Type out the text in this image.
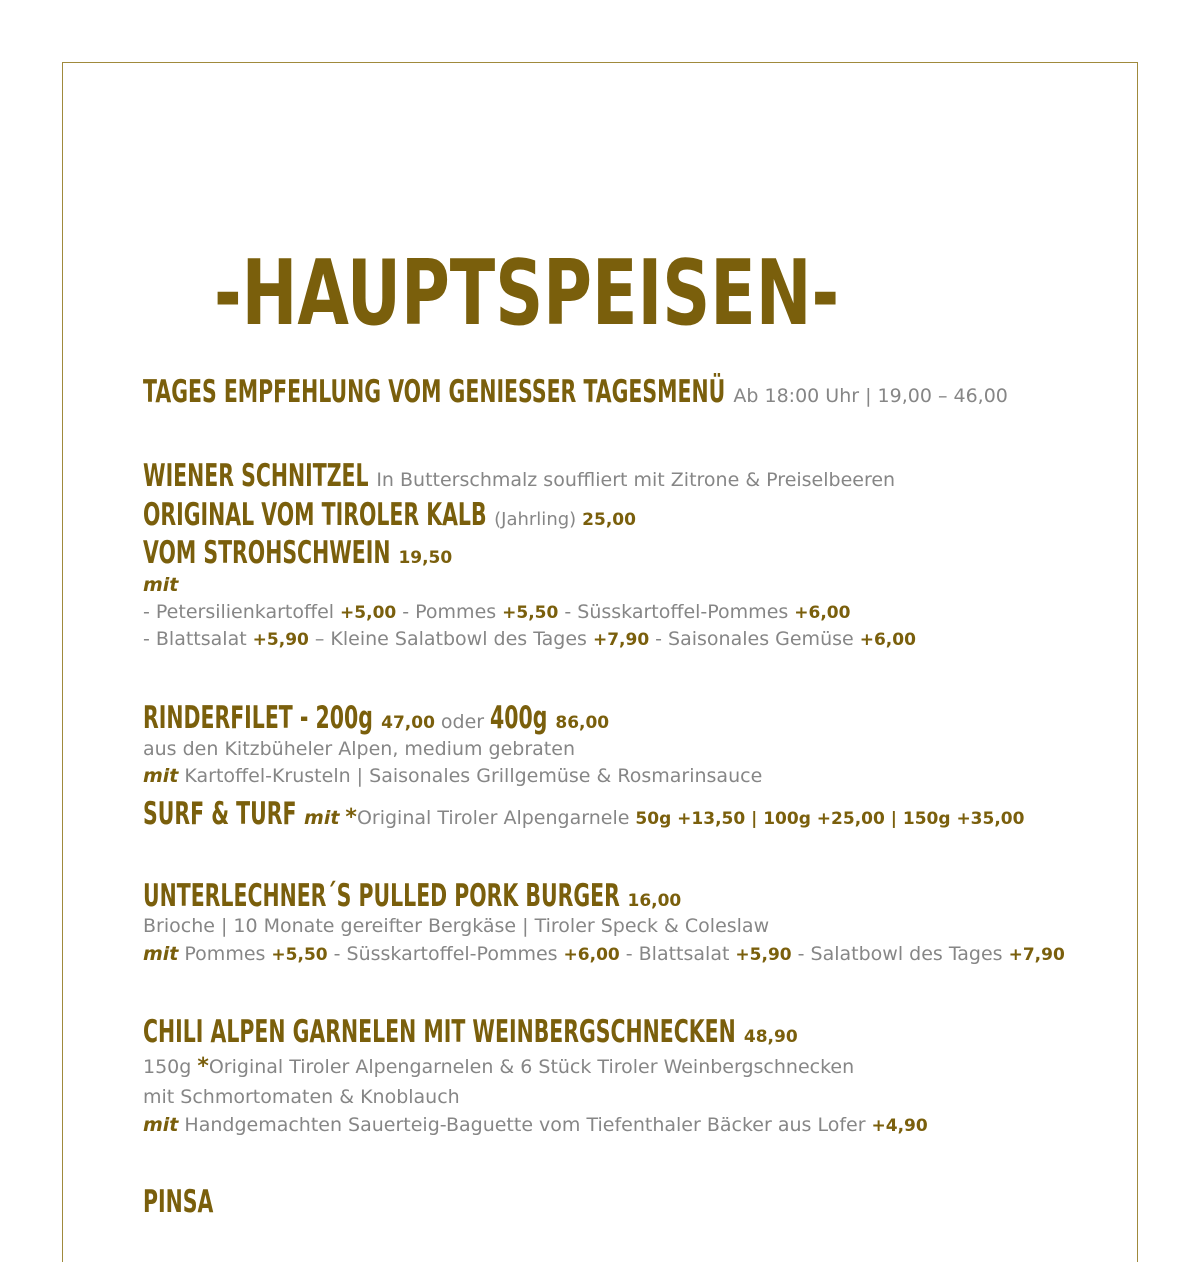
-HAUPTSPEISEN-
TAGES EMPFEHLUNG VOM GENIESSER TAGESMENÜ Ab 18:00 Uhr | 19,00 – 46,00
WIENER SCHNITZEL In Butterschmalz souffliert mit Zitrone & Preiselbeeren
ORIGINAL VOM TIROLER KALB (Jahrling) 25,00
VOM STROHSCHWEIN 19,50
mit
- Petersilienkartoffel +5,00 - Pommes +5,50 - Süsskartoffel-Pommes +6,00
- Blattsalat +5,90 – Kleine Salatbowl des Tages +7,90 - Saisonales Gemüse +6,00
RINDERFILET - 200g 47,00 oder 400g 86,00
aus den Kitzbüheler Alpen, medium gebraten
mit Kartoffel-Krusteln | Saisonales Grillgemüse & Rosmarinsauce
SURF & TURF mit * Original Tiroler Alpengarnele 50g +13,50 | 100g +25,00 | 150g +35,00
UNTERLECHNER´S PULLED PORK BURGER 16,00
Brioche | 10 Monate gereifter Bergkäse | Tiroler Speck & Coleslaw
mit Pommes +5,50 - Süsskartoffel-Pommes +6,00 - Blattsalat +5,90 - Salatbowl des Tages +7,90
CHILI ALPEN GARNELEN MIT WEINBERGSCHNECKEN 48,90
150g * Original Tiroler Alpengarnelen & 6 Stück Tiroler Weinbergschnecken
mit Schmortomaten & Knoblauch
mit Handgemachten Sauerteig-Baguette vom Tiefenthaler Bäcker aus Lofer +4,90
PINSA
